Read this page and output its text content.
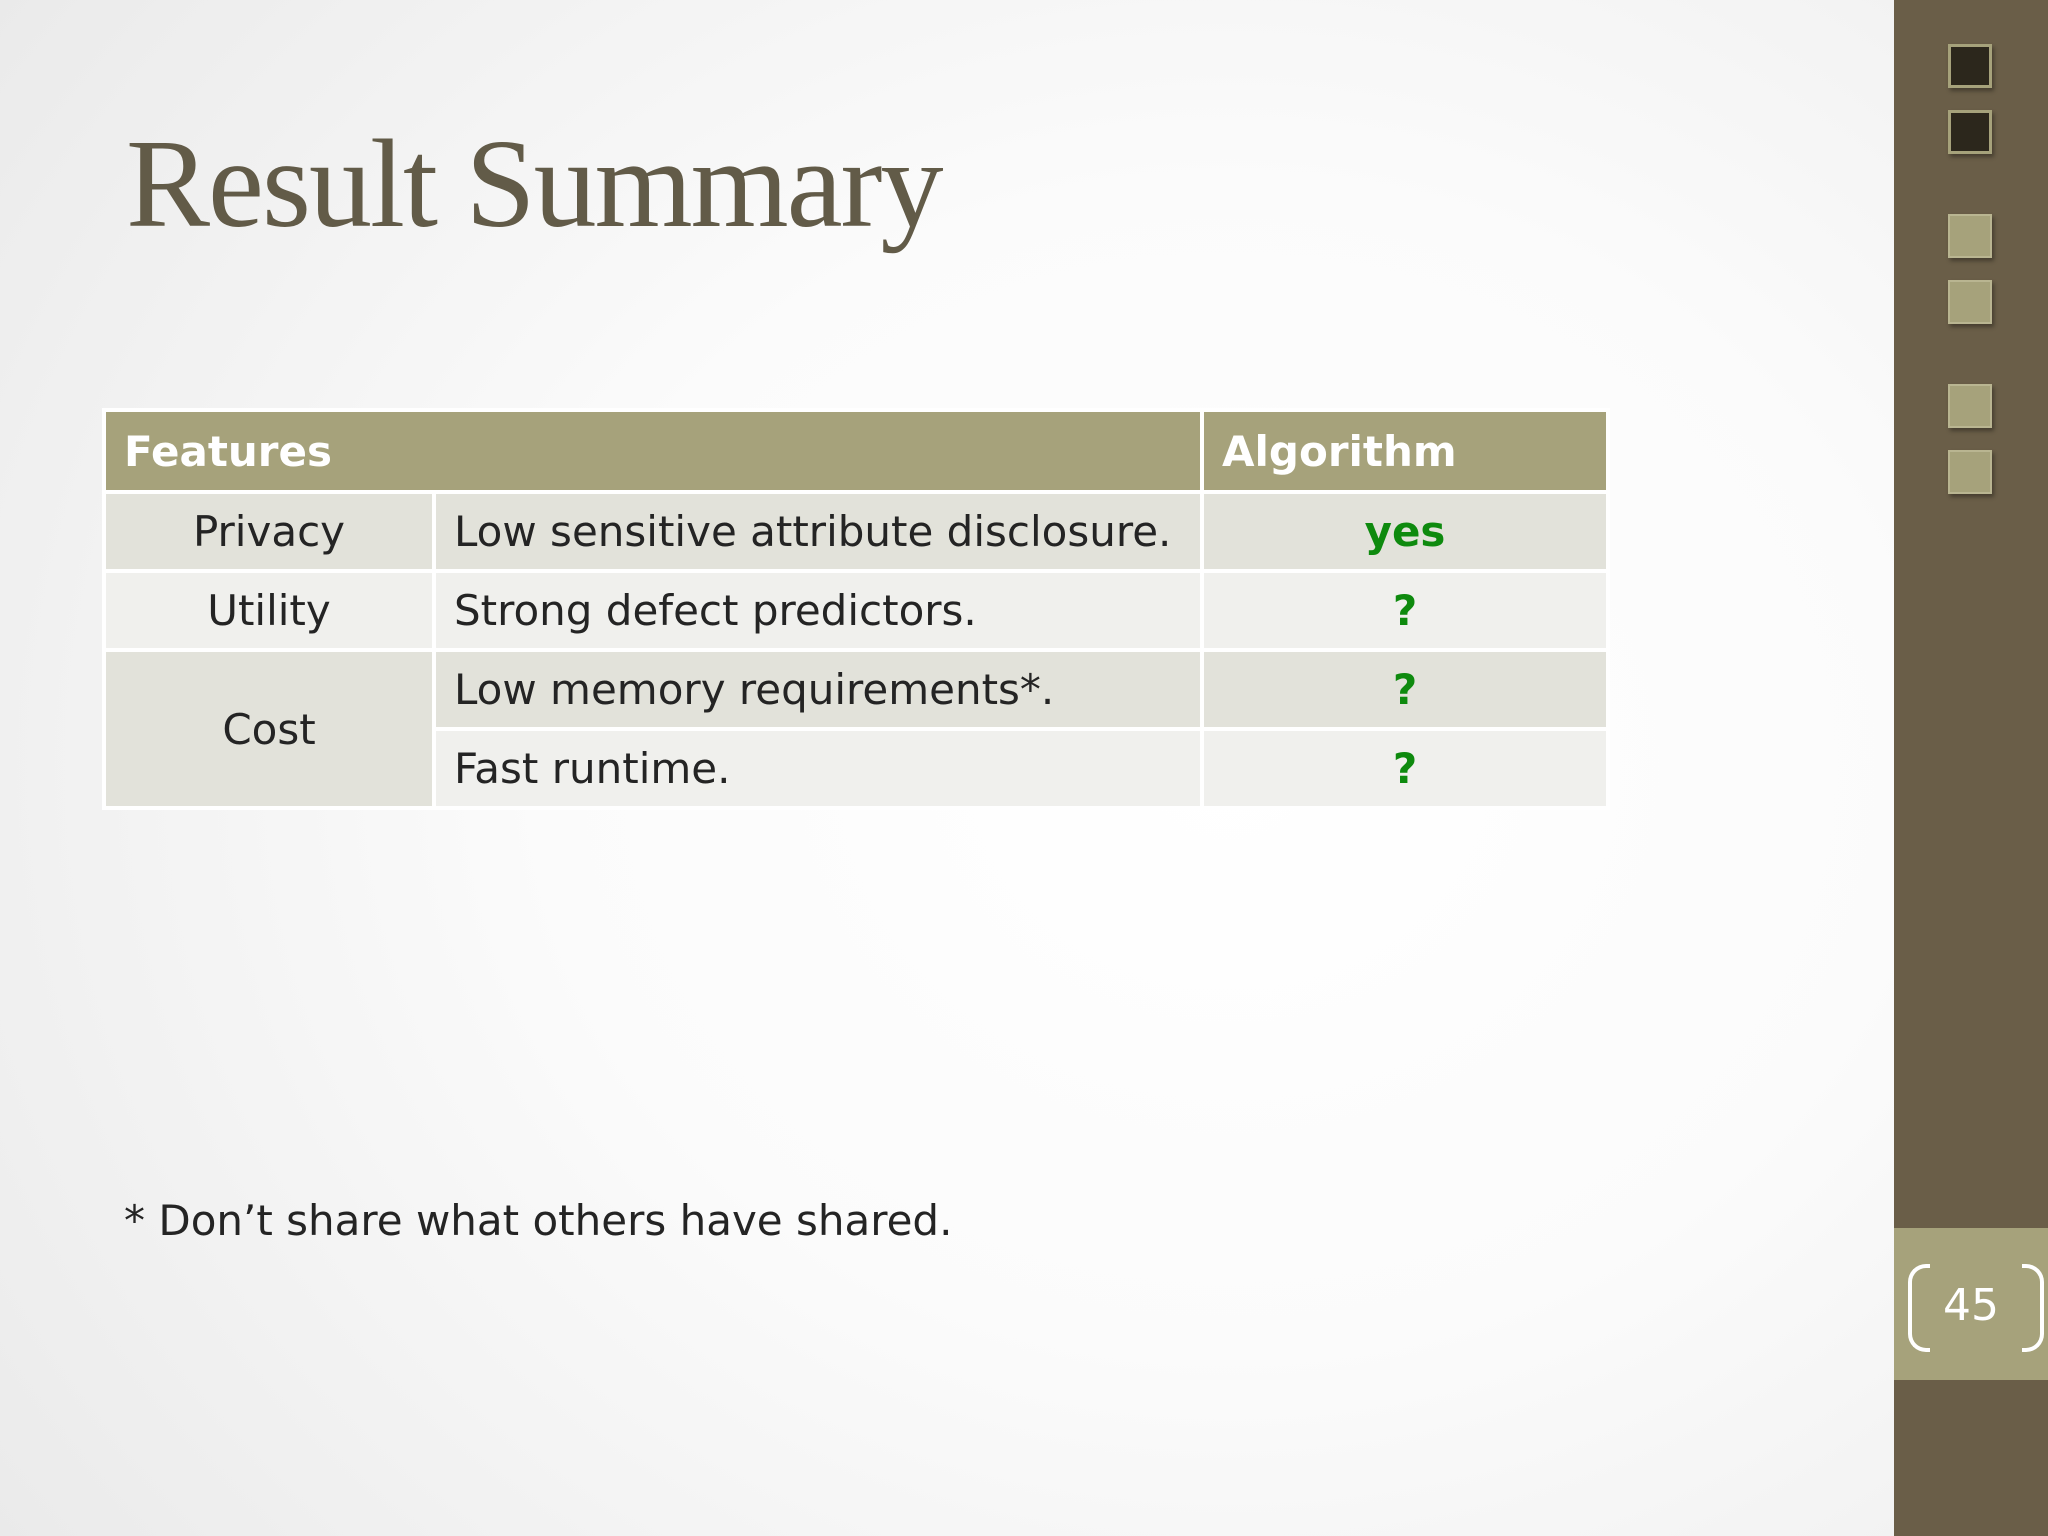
Result Summary
Features		Algorithm
Privacy	Low sensitive attribute disclosure.	yes
Utility	Strong defect predictors.	?
Cost	Low memory requirements*.	?
	Fast runtime.	?
* Don’t share what others have shared.
45
